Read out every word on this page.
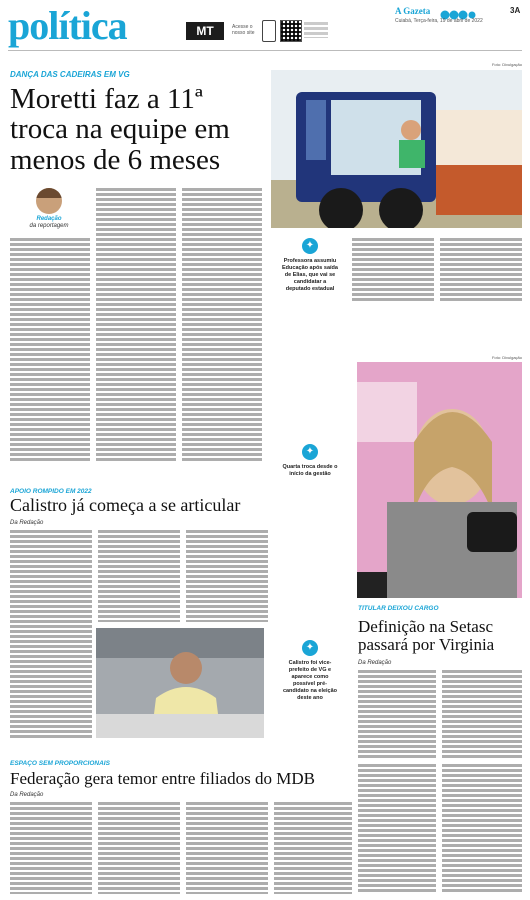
política	MT	Acesse o nosso site
A Gazeta	3A
Cuiabá, Terça-feira, 19 de abril de 2022
DANÇA DAS CADEIRAS EM VG
Moretti faz a 11ª troca na equipe em menos de 6 meses
Redação
da reportagem
Foto: Divulgação
✦
Professora assumiu Educação após saída de Elias, que vai se candidatar a deputado estadual
Foto: Divulgação
✦
Quarta troca desde o início da gestão
APOIO ROMPIDO EM 2022
Calistro já começa a se articular
Da Redação
✦
Calistro foi vice-prefeito de VG e aparece como possível pré-candidato na eleição deste ano
TITULAR DEIXOU CARGO
Definição na Setasc passará por Virginia
Da Redação
ESPAÇO SEM PROPORCIONAIS
Federação gera temor entre filiados do MDB
Da Redação
